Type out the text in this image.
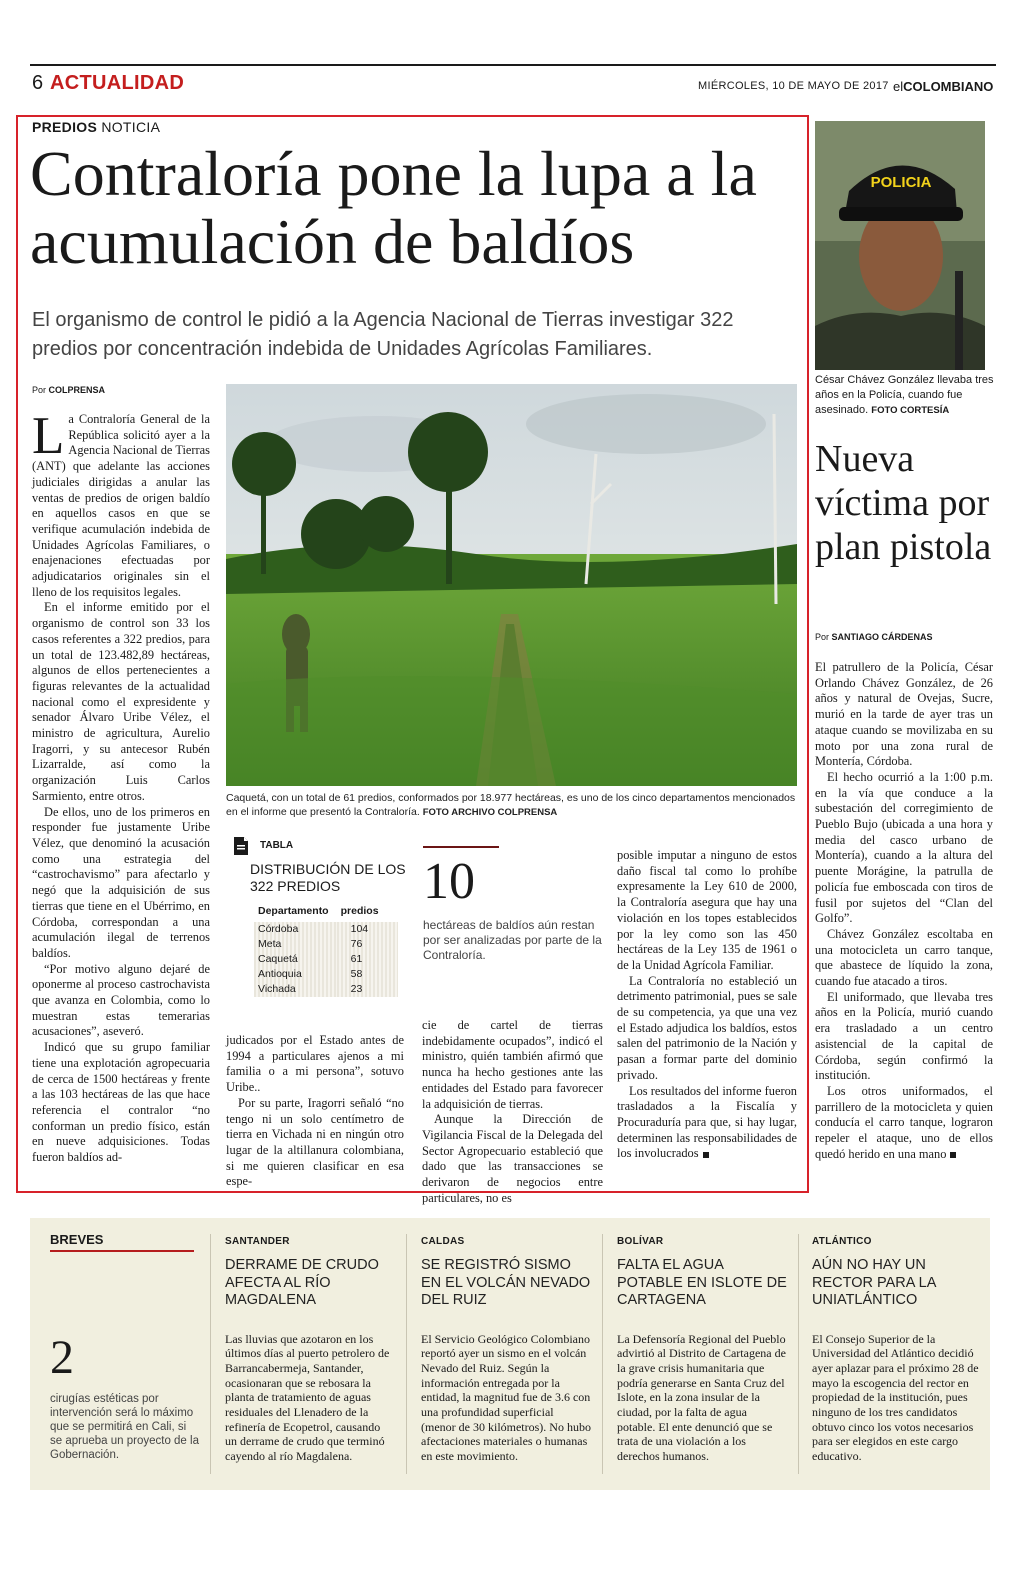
6 ACTUALIDAD	MIÉRCOLES, 10 DE MAYO DE 2017 elCOLOMBIANO
PREDIOS NOTICIA
Contraloría pone la lupa a la acumulación de baldíos
El organismo de control le pidió a la Agencia Nacional de Tierras investigar 322 predios por concentración indebida de Unidades Agrícolas Familiares.
Por COLPRENSA
La Contraloría General de la República solicitó ayer a la Agencia Nacional de Tierras (ANT) que adelante las acciones judiciales dirigidas a anular las ventas de predios de origen baldío en aquellos casos en que se verifique acumulación indebida de Unidades Agrícolas Familiares, o enajenaciones efectuadas por adjudicatarios originales sin el lleno de los requisitos legales.
En el informe emitido por el organismo de control son 33 los casos referentes a 322 predios, para un total de 123.482,89 hectáreas, algunos de ellos pertenecientes a figuras relevantes de la actualidad nacional como el expresidente y senador Álvaro Uribe Vélez, el ministro de agricultura, Aurelio Iragorri, y su antecesor Rubén Lizarralde, así como la organización Luis Carlos Sarmiento, entre otros.
De ellos, uno de los primeros en responder fue justamente Uribe Vélez, que denominó la acusación como una estrategia del “castrochavismo” para afectarlo y negó que la adquisición de sus tierras que tiene en el Ubérrimo, en Córdoba, correspondan a una acumulación ilegal de terrenos baldíos.
“Por motivo alguno dejaré de oponerme al proceso castrochavista que avanza en Colombia, como lo muestran estas temerarias acusaciones”, aseveró.
Indicó que su grupo familiar tiene una explotación agropecuaria de cerca de 1500 hectáreas y frente a las 103 hectáreas de las que hace referencia el contralor “no conforman un predio físico, están en nueve adquisiciones. Todas fueron baldíos ad-
Caquetá, con un total de 61 predios, conformados por 18.977 hectáreas, es uno de los cinco departamentos mencionados en el informe que presentó la Contraloría. FOTO ARCHIVO COLPRENSA
TABLA
DISTRIBUCIÓN DE LOS 322 PREDIOS
Departamento	predios
Córdoba	104
Meta	76
Caquetá	61
Antioquia	58
Vichada	23
10
hectáreas de baldíos aún restan por ser analizadas por parte de la Contraloría.
judicados por el Estado antes de 1994 a particulares ajenos a mi familia o a mi persona”, sotuvo Uribe..
Por su parte, Iragorri señaló “no tengo ni un solo centímetro de tierra en Vichada ni en ningún otro lugar de la altillanura colombiana, si me quieren clasificar en esa espe-
cie de cartel de tierras indebidamente ocupados”, indicó el ministro, quién también afirmó que nunca ha hecho gestiones ante las entidades del Estado para favorecer la adquisición de tierras.
Aunque la Dirección de Vigilancia Fiscal de la Delegada del Sector Agropecuario estableció que dado que las transacciones se derivaron de negocios entre particulares, no es
posible imputar a ninguno de estos daño fiscal tal como lo prohíbe expresamente la Ley 610 de 2000, la Contraloría asegura que hay una violación en los topes establecidos por la ley como son las 450 hectáreas de la Ley 135 de 1961 o de la Unidad Agrícola Familiar.
La Contraloría no estableció un detrimento patrimonial, pues se sale de su competencia, ya que una vez el Estado adjudica los baldíos, estos salen del patrimonio de la Nación y pasan a formar parte del dominio privado.
Los resultados del informe fueron trasladados a la Fiscalía y Procuraduría para que, si hay lugar, determinen las responsabilidades de los involucrados
POLICIA
César Chávez González llevaba tres años en la Policía, cuando fue asesinado. FOTO CORTESÍA
Nueva víctima por plan pistola
Por SANTIAGO CÁRDENAS
El patrullero de la Policía, César Orlando Chávez González, de 26 años y natural de Ovejas, Sucre, murió en la tarde de ayer tras un ataque cuando se movilizaba en su moto por una zona rural de Montería, Córdoba.
El hecho ocurrió a la 1:00 p.m. en la vía que conduce a la subestación del corregimiento de Pueblo Bujo (ubicada a una hora y media del casco urbano de Montería), cuando a la altura del puente Morágine, la patrulla de policía fue emboscada con tiros de fusil por sujetos del “Clan del Golfo”.
Chávez González escoltaba en una motocicleta un carro tanque, que abastece de líquido la zona, cuando fue atacado a tiros.
El uniformado, que llevaba tres años en la Policía, murió cuando era trasladado a un centro asistencial de la capital de Córdoba, según confirmó la institución.
Los otros uniformados, el parrillero de la motocicleta y quien conducía el carro tanque, lograron repeler el ataque, uno de ellos quedó herido en una mano
BREVES
2
cirugías estéticas por intervención será lo máximo que se permitirá en Cali, si se aprueba un proyecto de la Gobernación.
SANTANDER
DERRAME DE CRUDO AFECTA AL RÍO MAGDALENA
Las lluvias que azotaron en los últimos días al puerto petrolero de Barrancabermeja, Santander, ocasionaran que se rebosara la planta de tratamiento de aguas residuales del Llenadero de la refinería de Ecopetrol, causando un derrame de crudo que terminó cayendo al río Magdalena.
CALDAS
SE REGISTRÓ SISMO EN EL VOLCÁN NEVADO DEL RUIZ
El Servicio Geológico Colombiano reportó ayer un sismo en el volcán Nevado del Ruiz. Según la información entregada por la entidad, la magnitud fue de 3.6 con una profundidad superficial (menor de 30 kilómetros). No hubo afectaciones materiales o humanas en este movimiento.
BOLÍVAR
FALTA EL AGUA POTABLE EN ISLOTE DE CARTAGENA
La Defensoría Regional del Pueblo advirtió al Distrito de Cartagena de la grave crisis humanitaria que podría generarse en Santa Cruz del Islote, en la zona insular de la ciudad, por la falta de agua potable. El ente denunció que se trata de una violación a los derechos humanos.
ATLÁNTICO
AÚN NO HAY UN RECTOR PARA LA UNIATLÁNTICO
El Consejo Superior de la Universidad del Atlántico decidió ayer aplazar para el próximo 28 de mayo la escogencia del rector en propiedad de la institución, pues ninguno de los tres candidatos obtuvo cinco los votos necesarios para ser elegidos en este cargo educativo.
